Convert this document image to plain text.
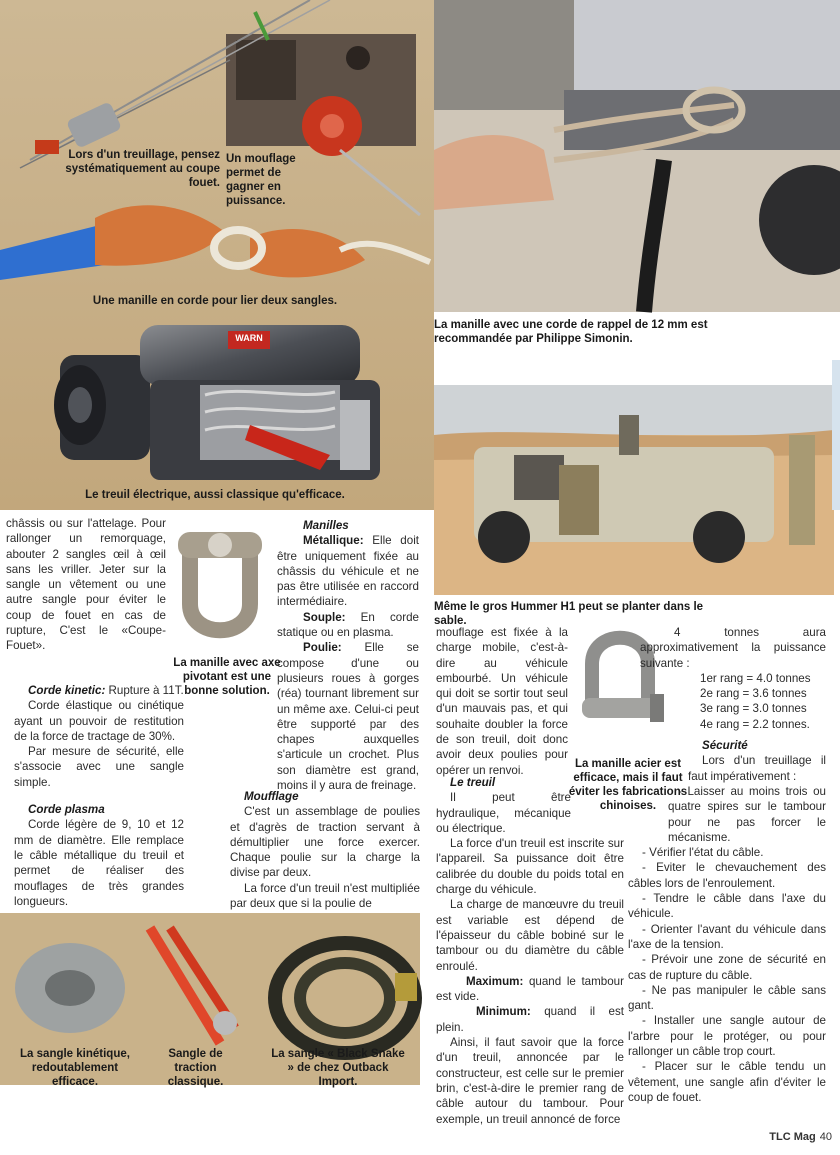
Lors d'un treuillage, pensez systématiquement au coupe fouet.
Un mouflage permet de gagner en puissance.
Une manille en corde pour lier deux sangles.
Le treuil électrique, aussi classique qu'efficace.
WARN
La manille avec une corde de rappel de 12 mm est recommandée par Philippe Simonin.
Même le gros Hummer H1 peut se planter dans le sable.

châssis ou sur l'attelage. Pour rallonger un remorquage, abouter 2 sangles œil à œil sans les vriller. Jeter sur la sangle un vêtement ou une autre sangle pour éviter le coup de fouet en cas de rupture, C'est le «Coupe-Fouet».

Corde kinetic: Rupture à 11T.

Corde élastique ou cinétique ayant un pouvoir de restitution de la force de tractage de 30%.

Par mesure de sécurité, elle s'associe avec une sangle simple.

Corde plasma

Corde légère de 9, 10 et 12 mm de diamètre. Elle remplace le câble métallique du treuil et permet de réaliser des mouflages de très grandes longueurs.

La manille avec axe pivotant est une bonne solution.

Manilles

Métallique: Elle doit être uniquement fixée au châssis du véhicule et ne pas être utilisée en raccord intermédiaire.

Souple: En corde statique ou en plasma.

Poulie: Elle se compose d'une ou plusieurs roues à gorges (réa) tournant librement sur un même axe. Celui-ci peut être supporté par des chapes auxquelles s'articule un crochet. Plus son diamètre est grand, moins il y aura de freinage.

Moufflage

C'est un assemblage de poulies et d'agrès de traction servant à démultiplier une force exercer. Chaque poulie sur la charge la divise par deux.

La force d'un treuil n'est multipliée par deux que si la poulie de

La sangle kinétique, redoutablement efficace.
Sangle de traction classique.
La sangle « Black Snake » de chez Outback Import.

mouflage est fixée à la charge mobile, c'est-à-dire au véhicule embourbé. Un véhicule qui doit se sortir tout seul d'un mauvais pas, et qui souhaite doubler la force de son treuil, doit donc avoir deux poulies pour opérer un renvoi.	La manille acier est efficace, mais il faut éviter les fabrications chinoises.

Le treuil

Il peut être hydraulique, mécanique ou électrique.

La force d'un treuil est inscrite sur l'appareil. Sa puissance doit être calibrée du double du poids total en charge du véhicule.

La charge de manœuvre du treuil est variable est dépend de l'épaisseur du câble bobiné sur le tambour ou du diamètre du câble enroulé.

Maximum: quand le tambour est vide.

Minimum: quand il est plein.

Ainsi, il faut savoir que la force d'un treuil, annoncée par le constructeur, est celle sur le premier brin, c'est-à-dire le premier rang de câble autour du tambour. Pour exemple, un treuil annoncé de force

4 tonnes aura approximativement la puissance suivante :

1er rang = 4.0 tonnes
2e rang = 3.6 tonnes
3e rang = 3.0 tonnes
4e rang = 2.2 tonnes.

Sécurité

Lors d'un treuillage il faut impérativement :

- Laisser au moins trois ou quatre spires sur le tambour pour ne pas forcer le mécanisme.
- Vérifier l'état du câble.
- Eviter le chevauchement des câbles lors de l'enroulement.
- Tendre le câble dans l'axe du véhicule.
- Orienter l'avant du véhicule dans l'axe de la tension.
- Prévoir une zone de sécurité en cas de rupture du câble.
- Ne pas manipuler le câble sans gant.
- Installer une sangle autour de l'arbre pour le protéger, ou pour rallonger un câble trop court.
- Placer sur le câble tendu un vêtement, une sangle afin d'éviter le coup de fouet.
TLC Mag 40
